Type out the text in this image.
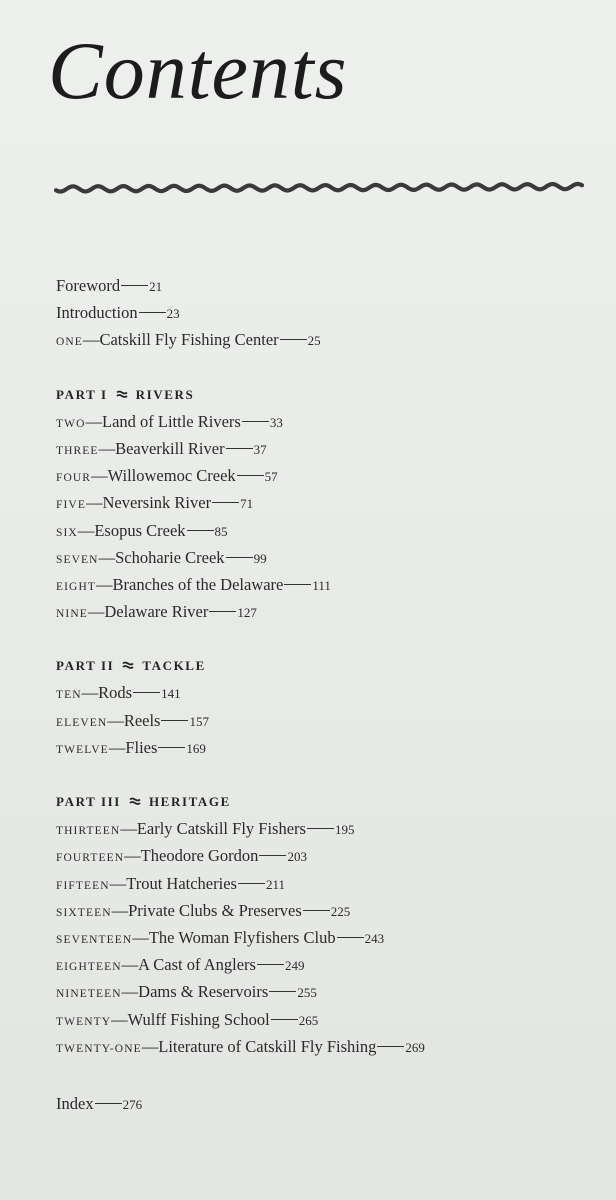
Contents
Foreword 21
Introduction 23
ONE—Catskill Fly Fishing Center 25
PART I RIVERS
TWO—Land of Little Rivers 33
THREE—Beaverkill River 37
FOUR—Willowemoc Creek 57
FIVE—Neversink River 71
SIX—Esopus Creek 85
SEVEN—Schoharie Creek 99
EIGHT—Branches of the Delaware 111
NINE—Delaware River 127
PART II TACKLE
TEN—Rods 141
ELEVEN—Reels 157
TWELVE—Flies 169
PART III HERITAGE
THIRTEEN—Early Catskill Fly Fishers 195
FOURTEEN—Theodore Gordon 203
FIFTEEN—Trout Hatcheries 211
SIXTEEN—Private Clubs & Preserves 225
SEVENTEEN—The Woman Flyfishers Club 243
EIGHTEEN—A Cast of Anglers 249
NINETEEN—Dams & Reservoirs 255
TWENTY—Wulff Fishing School 265
TWENTY-ONE—Literature of Catskill Fly Fishing 269
Index 276
